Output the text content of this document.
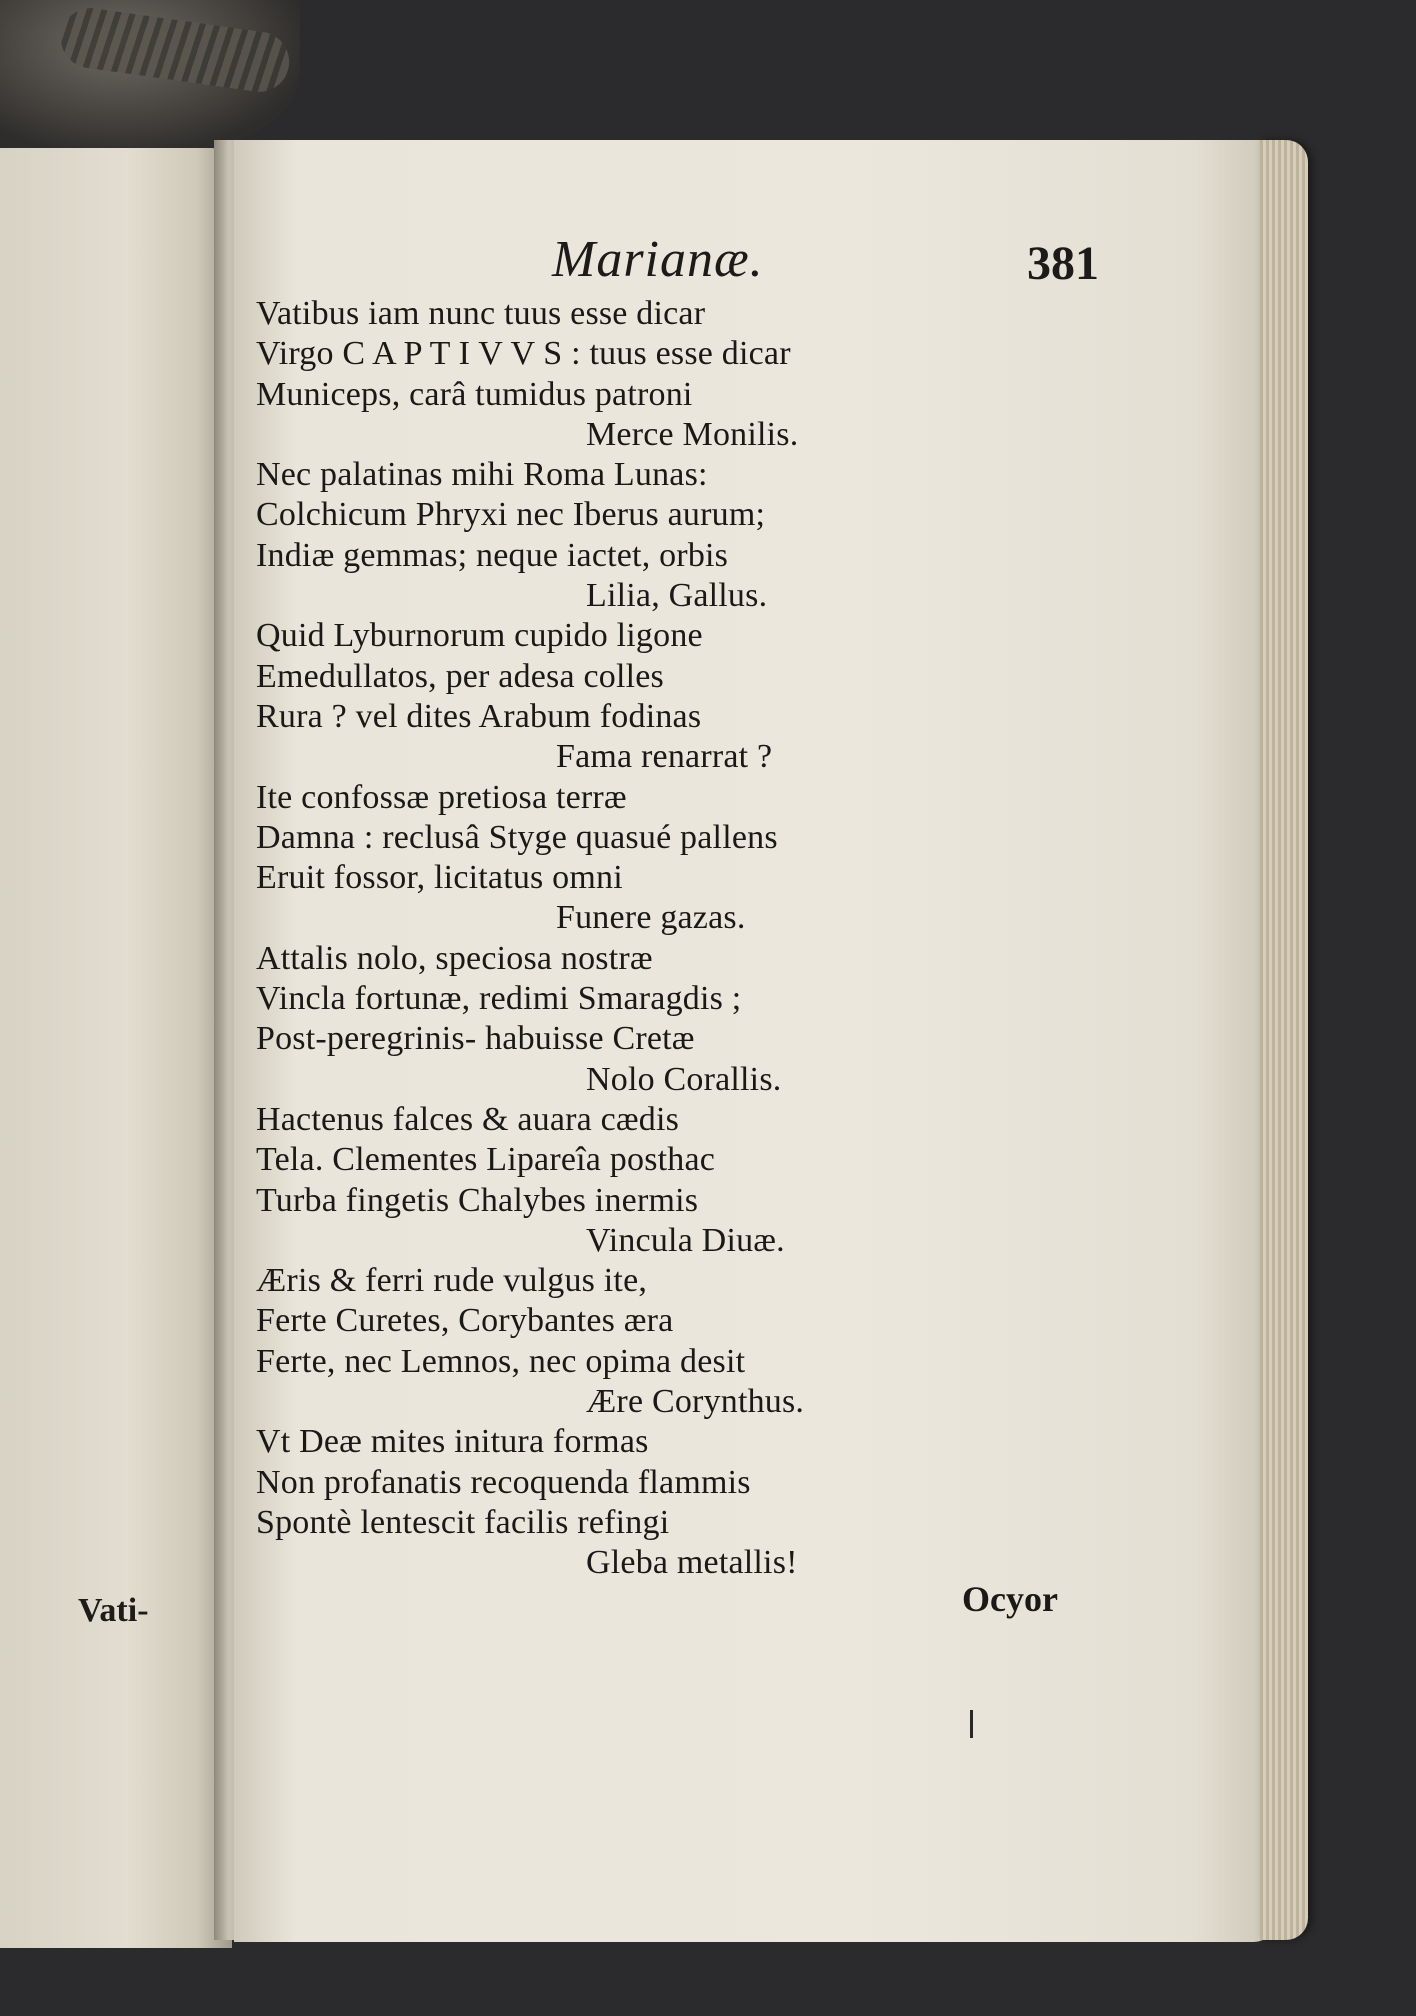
Vati-
Marianæ.	381
Vatibus iam nunc tuus esse dicar
Virgo C A P T I V V S : tuus esse dicar
Municeps, carâ tumidus patroni
Merce Monilis.
Nec palatinas mihi Roma Lunas:
Colchicum Phryxi nec Iberus aurum;
Indiæ gemmas; neque iactet, orbis
Lilia, Gallus.
Quid Lyburnorum cupido ligone
Emedullatos, per adesa colles
Rura ? vel dites Arabum fodinas
Fama renarrat ?
Ite confossæ pretiosa terræ
Damna : reclusâ Styge quasué pallens
Eruit fossor, licitatus omni
Funere gazas.
Attalis nolo, speciosa nostræ
Vincla fortunæ, redimi Smaragdis ;
Post-peregrinis- habuisse Cretæ
Nolo Corallis.
Hactenus falces & auara cædis
Tela. Clementes Lipareîa posthac
Turba fingetis Chalybes inermis
Vincula Diuæ.
Æris & ferri rude vulgus ite,
Ferte Curetes, Corybantes æra
Ferte, nec Lemnos, nec opima desit
Ære Corynthus.
Vt Deæ mites initura formas
Non profanatis recoquenda flammis
Spontè lentescit facilis refingi
Gleba metallis!
Ocyor
